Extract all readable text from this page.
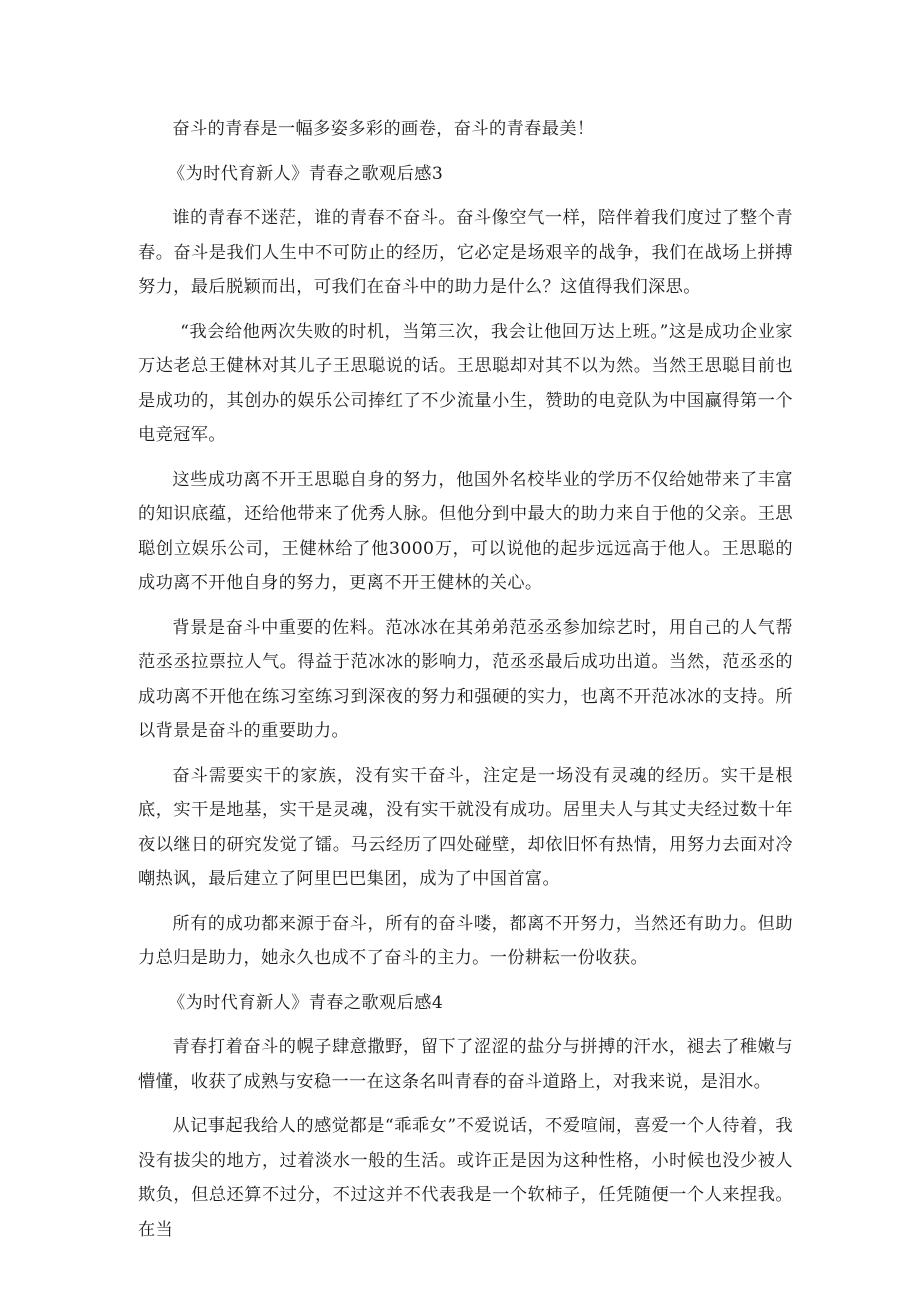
奋斗的青春是一幅多姿多彩的画卷，奋斗的青春最美！

《为时代育新人》青春之歌观后感3

谁的青春不迷茫，谁的青春不奋斗。奋斗像空气一样，陪伴着我们度过了整个青春。奋斗是我们人生中不可防止的经历，它必定是场艰辛的战争，我们在战场上拼搏努力，最后脱颖而出，可我们在奋斗中的助力是什么？这值得我们深思。

“我会给他两次失败的时机，当第三次，我会让他回万达上班。”这是成功企业家万达老总王健林对其儿子王思聪说的话。王思聪却对其不以为然。当然王思聪目前也是成功的，其创办的娱乐公司捧红了不少流量小生，赞助的电竞队为中国赢得第一个电竞冠军。

这些成功离不开王思聪自身的努力，他国外名校毕业的学历不仅给她带来了丰富的知识底蕴，还给他带来了优秀人脉。但他分到中最大的助力来自于他的父亲。王思聪创立娱乐公司，王健林给了他3000万，可以说他的起步远远高于他人。王思聪的成功离不开他自身的努力，更离不开王健林的关心。

背景是奋斗中重要的佐料。范冰冰在其弟弟范丞丞参加综艺时，用自己的人气帮范丞丞拉票拉人气。得益于范冰冰的影响力，范丞丞最后成功出道。当然，范丞丞的成功离不开他在练习室练习到深夜的努力和强硬的实力，也离不开范冰冰的支持。所以背景是奋斗的重要助力。

奋斗需要实干的家族，没有实干奋斗，注定是一场没有灵魂的经历。实干是根底，实干是地基，实干是灵魂，没有实干就没有成功。居里夫人与其丈夫经过数十年夜以继日的研究发觉了镭。马云经历了四处碰壁，却依旧怀有热情，用努力去面对冷嘲热讽，最后建立了阿里巴巴集团，成为了中国首富。

所有的成功都来源于奋斗，所有的奋斗喽，都离不开努力，当然还有助力。但助力总归是助力，她永久也成不了奋斗的主力。一份耕耘一份收获。

《为时代育新人》青春之歌观后感4

青春打着奋斗的幌子肆意撒野，留下了涩涩的盐分与拼搏的汗水，褪去了稚嫩与懵懂，收获了成熟与安稳一一在这条名叫青春的奋斗道路上，对我来说，是泪水。

从记事起我给人的感觉都是“乖乖女”不爱说话，不爱喧闹，喜爱一个人待着，我没有拔尖的地方，过着淡水一般的生活。或许正是因为这种性格，小时候也没少被人欺负，但总还算不过分，不过这并不代表我是一个软柿子，任凭随便一个人来捏我。在当
